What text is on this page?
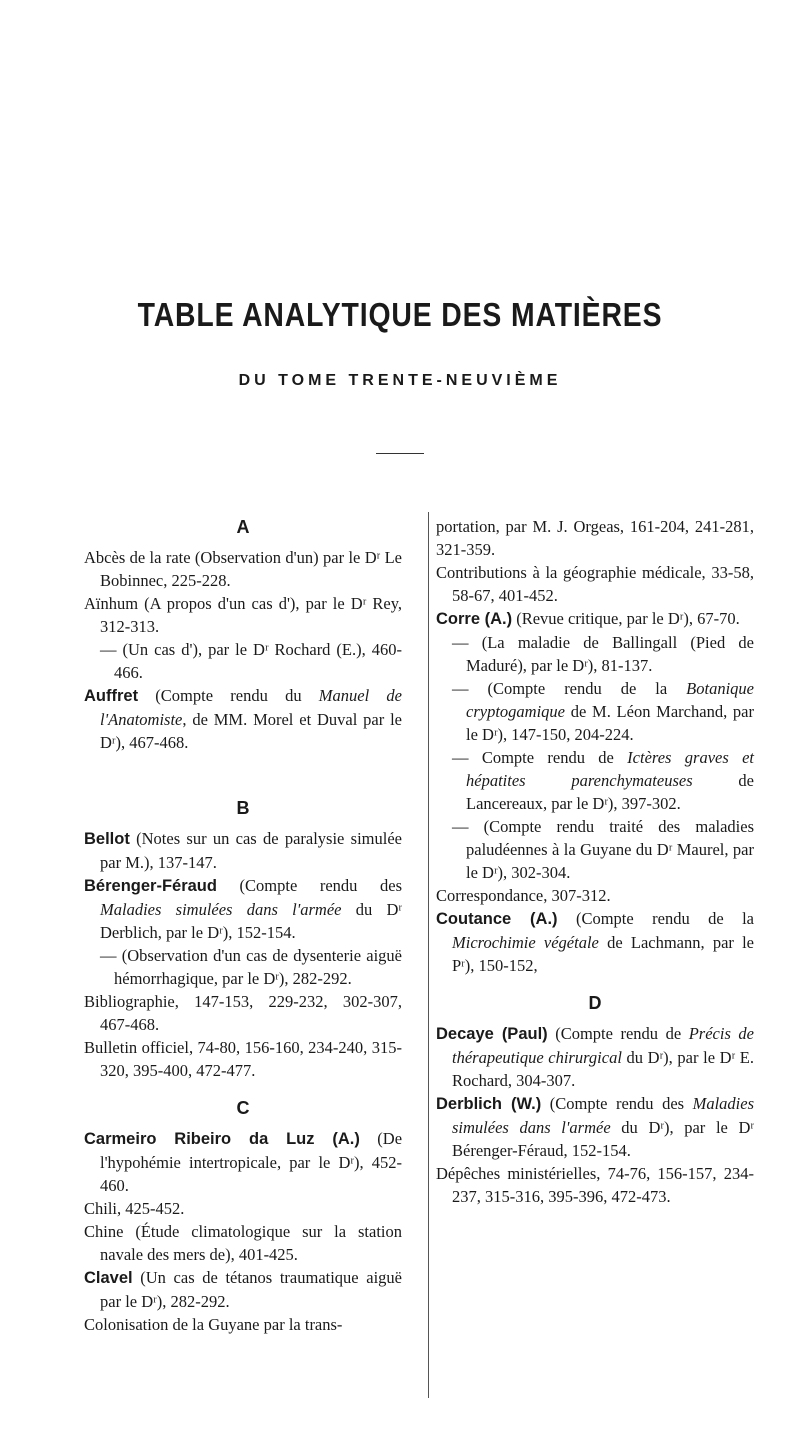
TABLE ANALYTIQUE DES MATIÈRES
DU TOME TRENTE-NEUVIÈME
A

Abcès de la rate (Observation d'un) par le Dʳ Le Bobinnec, 225-228.

Aïnhum (A propos d'un cas d'), par le Dʳ Rey, 312-313.

— (Un cas d'), par le Dʳ Rochard (E.), 460-466.

Auffret (Compte rendu du Manuel de l'Anatomiste, de MM. Morel et Duval par le Dʳ), 467-468.

B

Bellot (Notes sur un cas de paralysie simulée par M.), 137-147.

Bérenger-Féraud (Compte rendu des Maladies simulées dans l'armée du Dʳ Derblich, par le Dʳ), 152-154.

— (Observation d'un cas de dysenterie aiguë hémorrhagique, par le Dʳ), 282-292.

Bibliographie, 147-153, 229-232, 302-307, 467-468.

Bulletin officiel, 74-80, 156-160, 234-240, 315-320, 395-400, 472-477.

C

Carmeiro Ribeiro da Luz (A.) (De l'hypohémie intertropicale, par le Dʳ), 452-460.

Chili, 425-452.

Chine (Étude climatologique sur la station navale des mers de), 401-425.

Clavel (Un cas de tétanos traumatique aiguë par le Dʳ), 282-292.

Colonisation de la Guyane par la trans-

portation, par M. J. Orgeas, 161-204, 241-281, 321-359.

Contributions à la géographie médicale, 33-58, 58-67, 401-452.

Corre (A.) (Revue critique, par le Dʳ), 67-70.

— (La maladie de Ballingall (Pied de Maduré), par le Dʳ), 81-137.

— (Compte rendu de la Botanique cryptogamique de M. Léon Marchand, par le Dʳ), 147-150, 204-224.

— Compte rendu de Ictères graves et hépatites parenchymateuses de Lancereaux, par le Dʳ), 397-302.

— (Compte rendu traité des maladies paludéennes à la Guyane du Dʳ Maurel, par le Dʳ), 302-304.

Correspondance, 307-312.

Coutance (A.) (Compte rendu de la Microchimie végétale de Lachmann, par le Pʳ), 150-152,

D

Decaye (Paul) (Compte rendu de Précis de thérapeutique chirurgical du Dʳ), par le Dʳ E. Rochard, 304-307.

Derblich (W.) (Compte rendu des Maladies simulées dans l'armée du Dʳ), par le Dʳ Bérenger-Féraud, 152-154.

Dépêches ministérielles, 74-76, 156-157, 234-237, 315-316, 395-396, 472-473.
